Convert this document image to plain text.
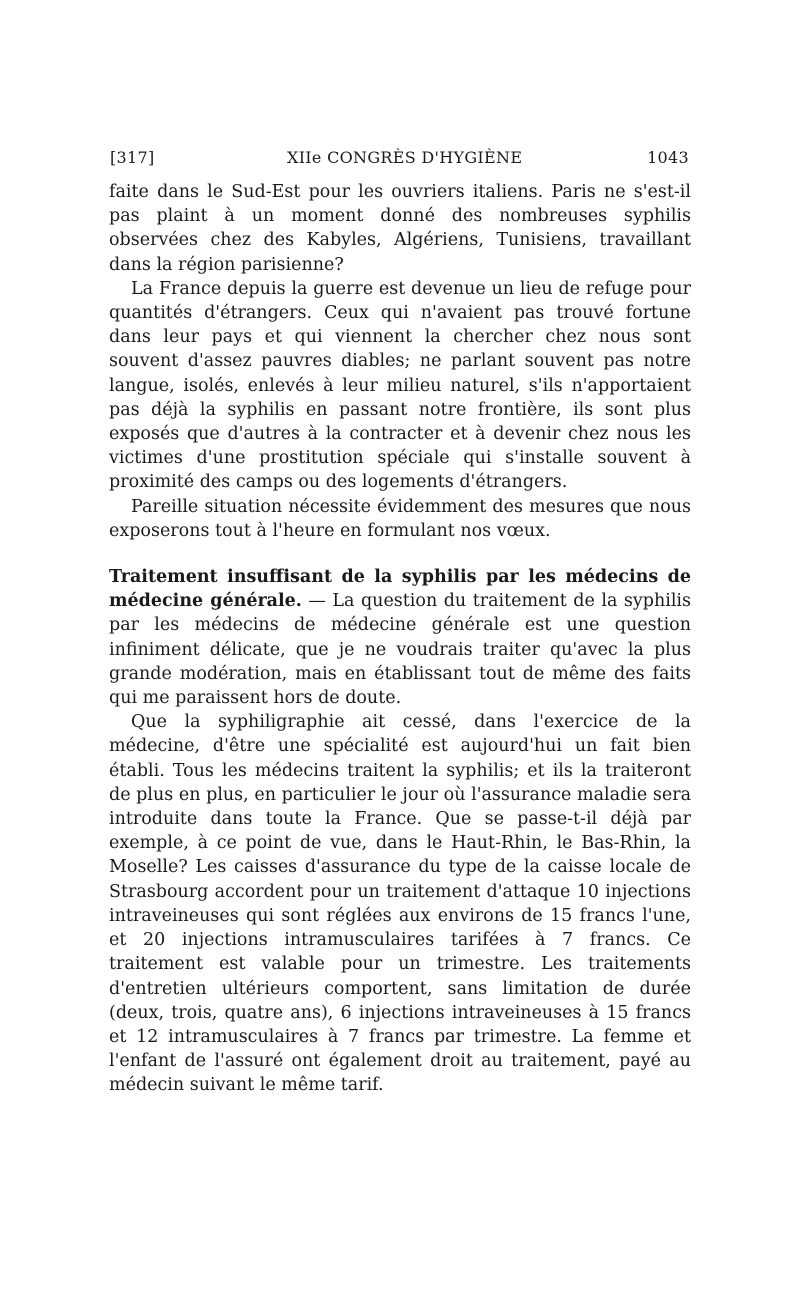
[317]	XIIe CONGRÈS D'HYGIÈNE	1043

faite dans le Sud-Est pour les ouvriers italiens. Paris ne s'est-il pas plaint à un moment donné des nombreuses syphilis observées chez des Kabyles, Algériens, Tunisiens, travaillant dans la région parisienne?

La France depuis la guerre est devenue un lieu de refuge pour quantités d'étrangers. Ceux qui n'avaient pas trouvé fortune dans leur pays et qui viennent la chercher chez nous sont souvent d'assez pauvres diables; ne parlant souvent pas notre langue, isolés, enlevés à leur milieu naturel, s'ils n'apportaient pas déjà la syphilis en passant notre frontière, ils sont plus exposés que d'autres à la contracter et à devenir chez nous les victimes d'une prostitution spéciale qui s'installe souvent à proximité des camps ou des logements d'étrangers.

Pareille situation nécessite évidemment des mesures que nous exposerons tout à l'heure en formulant nos vœux.

Traitement insuffisant de la syphilis par les médecins de médecine générale. — La question du traitement de la syphilis par les médecins de médecine générale est une question infiniment délicate, que je ne voudrais traiter qu'avec la plus grande modération, mais en établissant tout de même des faits qui me paraissent hors de doute.

Que la syphiligraphie ait cessé, dans l'exercice de la médecine, d'être une spécialité est aujourd'hui un fait bien établi. Tous les médecins traitent la syphilis; et ils la traiteront de plus en plus, en particulier le jour où l'assurance maladie sera introduite dans toute la France. Que se passe-t-il déjà par exemple, à ce point de vue, dans le Haut-Rhin, le Bas-Rhin, la Moselle? Les caisses d'assurance du type de la caisse locale de Strasbourg accordent pour un traitement d'attaque 10 injections intraveineuses qui sont réglées aux environs de 15 francs l'une, et 20 injections intramusculaires tarifées à 7 francs. Ce traitement est valable pour un trimestre. Les traitements d'entretien ultérieurs comportent, sans limitation de durée (deux, trois, quatre ans), 6 injections intraveineuses à 15 francs et 12 intramusculaires à 7 francs par trimestre. La femme et l'enfant de l'assuré ont également droit au traitement, payé au médecin suivant le même tarif.
